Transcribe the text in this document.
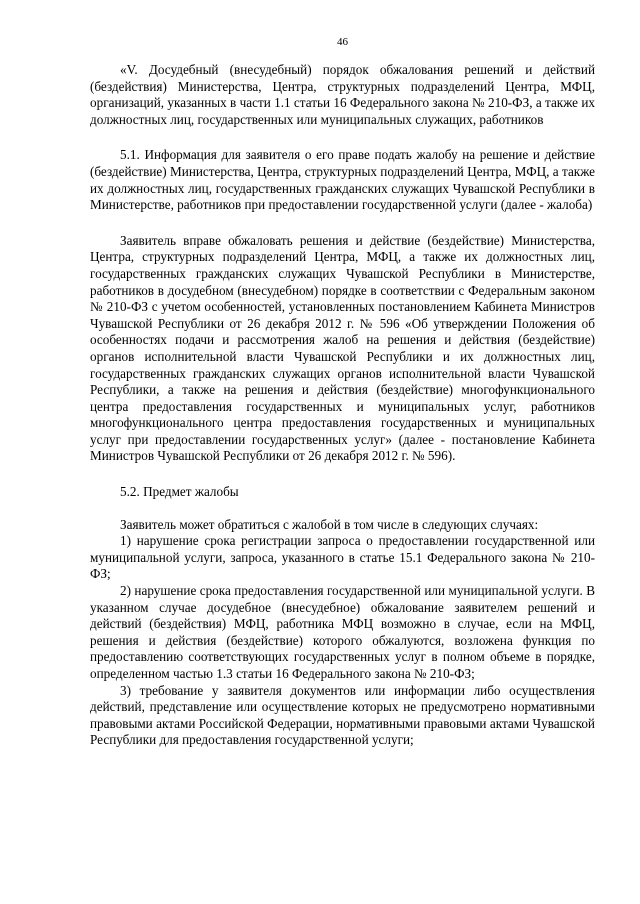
46

«V. Досудебный (внесудебный) порядок обжалования решений и действий (бездействия) Министерства, Центра, структурных подразделений Центра, МФЦ, организаций, указанных в части 1.1 статьи 16 Федерального закона № 210-ФЗ, а также их должностных лиц, государственных или муниципальных служащих, работников

5.1. Информация для заявителя о его праве подать жалобу на решение и действие (бездействие) Министерства, Центра, структурных подразделений Центра, МФЦ, а также их должностных лиц, государственных гражданских служащих Чувашской Республики в Министерстве, работников при предоставлении государственной услуги (далее - жалоба)

Заявитель вправе обжаловать решения и действие (бездействие) Министерства, Центра, структурных подразделений Центра, МФЦ, а также их должностных лиц, государственных гражданских служащих Чувашской Республики в Министерстве, работников в досудебном (внесудебном) порядке в соответствии с Федеральным законом № 210-ФЗ с учетом особенностей, установленных постановлением Кабинета Министров Чувашской Республики от 26 декабря 2012 г. № 596 «Об утверждении Положения об особенностях подачи и рассмотрения жалоб на решения и действия (бездействие) органов исполнительной власти Чувашской Республики и их должностных лиц, государственных гражданских служащих органов исполнительной власти Чувашской Республики, а также на решения и действия (бездействие) многофункционального центра предоставления государственных и муниципальных услуг, работников многофункционального центра предоставления государственных и муниципальных услуг при предоставлении государственных услуг» (далее - постановление Кабинета Министров Чувашской Республики от 26 декабря 2012 г. № 596).

5.2. Предмет жалобы

Заявитель может обратиться с жалобой в том числе в следующих случаях:

1) нарушение срока регистрации запроса о предоставлении государственной или муниципальной услуги, запроса, указанного в статье 15.1 Федерального закона № 210-ФЗ;

2) нарушение срока предоставления государственной или муниципальной услуги. В указанном случае досудебное (внесудебное) обжалование заявителем решений и действий (бездействия) МФЦ, работника МФЦ возможно в случае, если на МФЦ, решения и действия (бездействие) которого обжалуются, возложена функция по предоставлению соответствующих государственных услуг в полном объеме в порядке, определенном частью 1.3 статьи 16 Федерального закона № 210-ФЗ;

3) требование у заявителя документов или информации либо осуществления действий, представление или осуществление которых не предусмотрено нормативными правовыми актами Российской Федерации, нормативными правовыми актами Чувашской Республики для предоставления государственной услуги;
